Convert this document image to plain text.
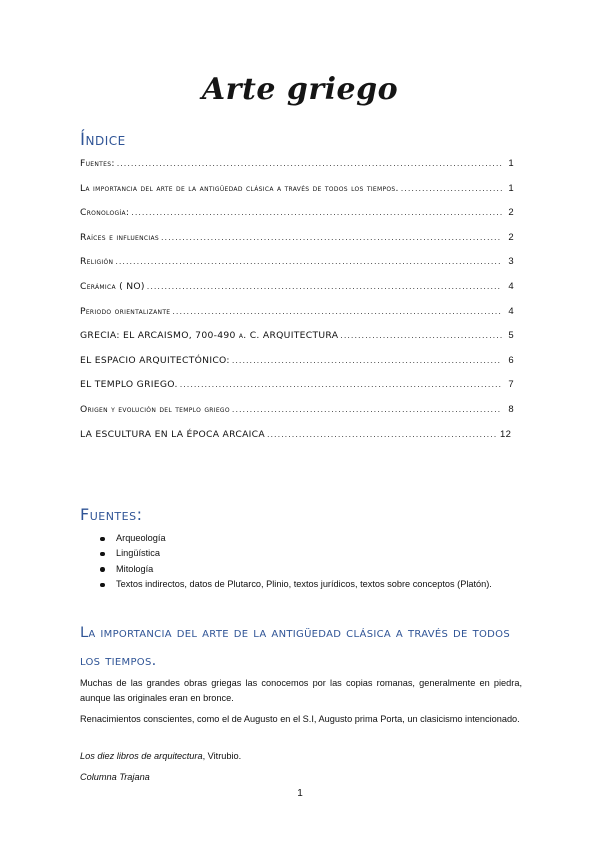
Arte griego
Índice
Fuentes: .....	1
La importancia del arte de la antigüedad clásica a través de todos los tiempos. .....	1
Cronología: .....	2
Raíces e influencias .....	2
Religión .....	3
Cerámica ( NO) .....	4
Periodo orientalizante .....	4
GRECIA: EL ARCAISMO, 700-490 a. C. ARQUITECTURA .....	5
EL ESPACIO ARQUITECTÓNICO: .....	6
EL TEMPLO GRIEGO. .....	7
Origen y evolución del templo griego .....	8
LA ESCULTURA EN LA ÉPOCA ARCAICA .....	12
Fuentes:
Arqueología
Lingüística
Mitología
Textos indirectos, datos de Plutarco, Plinio, textos jurídicos, textos sobre conceptos (Platón).
La importancia del arte de la antigüedad clásica a través de todos los tiempos.
Muchas de las grandes obras griegas las conocemos por las copias romanas, generalmente en piedra, aunque las originales eran en bronce.
Renacimientos conscientes, como el de Augusto en el S.I, Augusto prima Porta, un clasicismo intencionado.
Los diez libros de arquitectura, Vitrubio.
Columna Trajana
1
